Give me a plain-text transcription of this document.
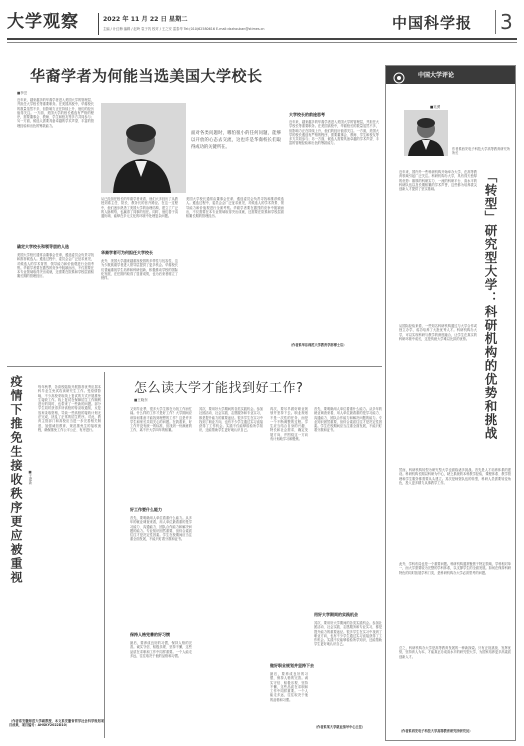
大学观察	2022 年 11 月 22 日 星期二
主编 / 计红梅 编辑 / 赵岭 袁子芮 校对 / 王之安 雷泰华 Tel:(010)62580616 E-mail:dxzhoukan@stimes.cn	中国科学报 3
华裔学者为何能当选美国大学校长
■李芸
近年来，越来越多的华裔学者进入美国大学的管理层，并担任大学校长等重要职务。在美国高校中，华裔校长的数量虽然不多，但影响力正在持续上升，他们的经历值得关注。一方面，美国大学的校长遴选有严格的程序，需要董事会、教师、学生和校友等多方共同参与；另一方面，候选人需要具备卓越的学术声望、丰富的管理经验和出色的筹款能力。
确定大学校长和领导层的人选
美国大学校长通常由董事会任命，遴选委员会负责寻找和推荐候选人。遴选过程中，委员会会广泛征求意见，对候选人的学术背景、领导能力和价值观进行全面考察。华裔学者要在激烈的竞争中脱颖而出，不仅需要在本专业领域取得突出成就，还需要在院系和学校层面积累长期的管理经历。
面对各类问题时，哪怕很小的任何问题，能够以开放的心态去交流，这也许是华裔校长们取得成功的关键所在。
从已经担任校长的华裔学者来看，他们大多经历了从教授到系主任、院长、教务长的晋升路径。在这一过程中，他们逐步熟悉了美国大学的治理结构，建立了广泛的人脉网络，也赢得了同事的信任。同时，他们善于沟通协调，能够在多元文化的环境中处理复杂问题。
华裔学者可为何担任大学校长
此外，美国大学越来越重视校园的多样性与包容性，这为少数族裔学者进入领导层提供了更多机会。华裔校长们普遍重视学生培养和科研创新，积极推动学校的国际化发展，在任期内取得了显著成绩，也为后来者树立了榜样。
美国大学校长通常由董事会任命，遴选委员会负责寻找和推荐候选人。遴选过程中，委员会会广泛征求意见，对候选人的学术背景、领导能力和价值观进行全面考察。华裔学者要在激烈的竞争中脱颖而出，不仅需要在本专业领域取得突出成就，还需要在院系和学校层面积累长期的管理经历。
大学校长的前途思考
近年来，越来越多的华裔学者进入美国大学的管理层，并担任大学校长等重要职务。在美国高校中，华裔校长的数量虽然不多，但影响力正在持续上升，他们的经历值得关注。一方面，美国大学的校长遴选有严格的程序，需要董事会、教师、学生和校友等多方共同参与；另一方面，候选人需要具备卓越的学术声望、丰富的管理经验和出色的筹款能力。
（作者系华东师范大学教育学部博士后）
疫情下推免生接收秩序更应被重视 ■王建新
每年秋季，各高校陆续开展推荐优秀应届本科毕业生免试攻读研究生工作。受疫情影响，不少高校采取线上复试的方式开展推免生接收工作。线上复试在保障招生工作顺利进行的同时，也带来了一些新的问题。部分学生同时获得多所高校的待录取通知，反复放弃录取资格，导致一些高校的接收计划无法完成，扰乱了正常的招生秩序。对此，教育主管部门和高校应当进一步完善相关制度，加强诚信教育，规范推免生的接收流程，确保推免工作公平公正、有序进行。
（作者系安徽师范大学副教授，本文系安徽省哲学社会科学规划项目成果，项目编号：AHSKY2022D10）
怎么读大学才能找到好工作?
■王晓东
又到毕业季，很多大学生都在为找工作而忙碌。什么样的工作才是好工作？大学期间应该如何准备才能找到理想的工作？这是许多学生和家长共同关心的问题。在我看来，好工作并没有统一的标准，但找到一份满意的工作，离不开大学四年的积累。
好工作要什么能力
首先，要明确用人单位看重什么能力。从多年的就业调查来看，用人单位最看重的是学习能力、沟通能力、团队合作能力和解决问题的能力。专业知识固然重要，但综合素质往往才是决定性因素。学生在校期间应当注重全面发展，不能只盯着分数和证书。
保持人格完善的好习惯
最后，要养成良好的习惯，保持人格的完善。诚实守信、积极乐观、坚持不懈，这些品质在求职和工作中同样重要。一个人能走多远，往往取决于他的品格和习惯。
其次，要用好大学期间的各类实践机会。参加社团活动、社会实践、志愿服务和专业实习，都是提升能力的重要途径。很多学生在实习中找到了职业方向，也有不少学生通过实习直接获得了工作机会。实践不仅能够检验所学知识，还能帮助学生更好地认识自己。
再次，要尽早做好职业规划并坚持下去。职业规划不是一次性的任务，而是一个不断调整的过程。学生应当结合自身的兴趣、特长和社会需求，确定发展方向，并围绕这一方向有计划地学习和锻炼。
做好职业规划并坚持下去
最后，要养成良好的习惯，保持人格的完善。诚实守信、积极乐观、坚持不懈，这些品质在求职和工作中同样重要。一个人能走多远，往往取决于他的品格和习惯。
首先，要明确用人单位看重什么能力。从多年的就业调查来看，用人单位最看重的是学习能力、沟通能力、团队合作能力和解决问题的能力。专业知识固然重要，但综合素质往往才是决定性因素。学生在校期间应当注重全面发展，不能只盯着分数和证书。
用好大学期间的实践机会
其次，要用好大学期间的各类实践机会。参加社团活动、社会实践、志愿服务和专业实习，都是提升能力的重要途径。很多学生在实习中找到了职业方向，也有不少学生通过实习直接获得了工作机会。实践不仅能够检验所学知识，还能帮助学生更好地认识自己。
（作者系某大学就业指导中心主任）
中国大学评论
■吴勇
作者系西安电子科技大学高等教育研究所所长
近年来，国内外一些科研机构开始举办大学，在高等教育领域引起广泛关注。科研机构办大学，具有得天独厚的优势：雄厚的科研实力、一流的科研平台、高水平的科研队伍以及长期积累的学术声誉，这些都为培养拔尖创新人才提供了坚实基础。	「转型」研究型大学：科研机构的优势和挑战
从国际经验来看，一些知名科研机构通过与大学合作或独立办学，成功培养了大批优秀人才。科研机构办大学，可以实现科研与教学的深度融合，让学生在真实的科研环境中成长，这是传统大学难以比拟的优势。
然而，科研机构转型为研究型大学也面临诸多挑战。首先是人才培养体系的建设。科研机构长期以科研为中心，缺乏系统的本科教学经验，课程体系、教学管理和学生服务都需要从头建立。其次是师资队伍的转型，科研人员需要转变角色，投入更多精力从事教学工作。
此外，学科布局也是一个重要问题。科研机构通常聚焦于特定领域，学科相对单一，而大学需要较为完整的学科体系，以支撑学生的全面发展。如何在保持科研特色的同时拓展学科门类，是科研机构办大学必须思考的问题。
总之，科研机构办大学是高等教育发展的一种新探索。只有正视挑战、发挥优势，坚持育人为本，才能真正办成高水平的研究型大学，为国家培养更多高素质创新人才。
（作者系西安电子科技大学高等教育研究所研究员）
